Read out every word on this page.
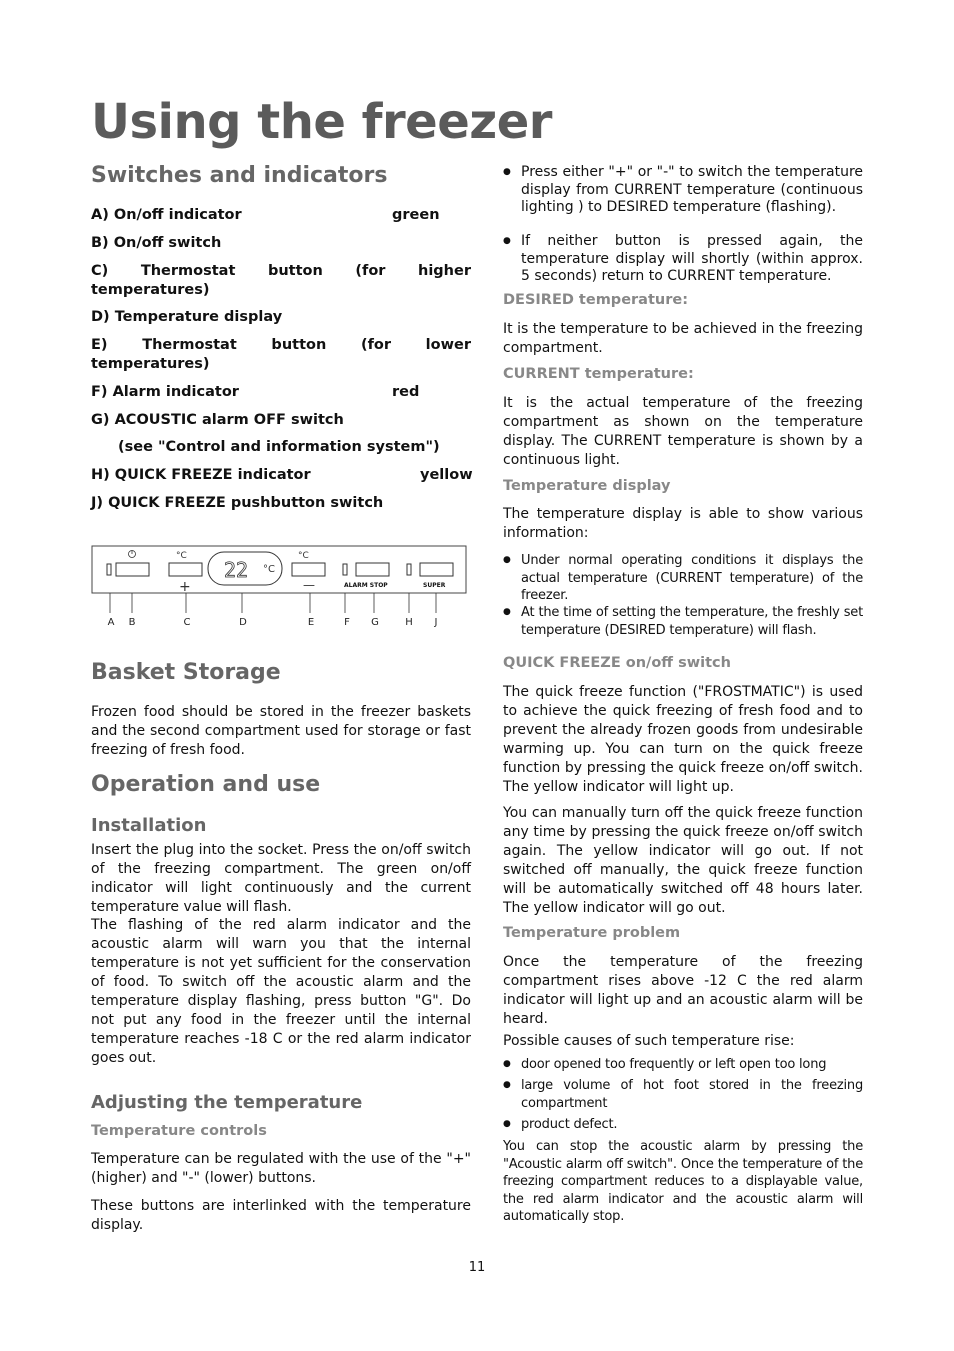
Using the freezer
Switches and indicators
A) On/off indicator	green
B) On/off switch
C) Thermostat button (for higher temperatures)
D) Temperature display
E) Thermostat button (for lower temperatures)
F) Alarm indicator	red
G) ACOUSTIC alarm OFF switch
(see "Control and information system")
H) QUICK FREEZE indicator	yellow
J) QUICK FREEZE pushbutton switch
Basket Storage

Frozen food should be stored in the freezer baskets and the second compartment used for storage or fast freezing of fresh food.

Operation and use
Installation

Insert the plug into the socket. Press the on/off switch of the freezing compartment. The green on/off indicator will light continuously and the current temperature value will flash.

The flashing of the red alarm indicator and the acoustic alarm will warn you that the internal temperature is not yet sufficient for the conservation of food. To switch off the acoustic alarm and the temperature display flashing, press button "G". Do not put any food in the freezer until the internal temperature reaches -18 C or the red alarm indicator goes out.

Adjusting the temperature
Temperature controls

Temperature can be regulated with the use of the "+" (higher) and "-" (lower) buttons.

These buttons are interlinked with the temperature display.

°C
+
22 °C
°C
—	ALARM STOP	SUPER
A B	C	D	E	F G	H J

● Press either "+" or "-" to switch the temperature display from CURRENT temperature (continuous lighting ) to DESIRED temperature (flashing).

● If neither button is pressed again, the temperature display will shortly (within approx. 5 seconds) return to CURRENT temperature.

DESIRED temperature:

It is the temperature to be achieved in the freezing compartment.

CURRENT temperature:

It is the actual temperature of the freezing compartment as shown on the temperature display. The CURRENT temperature is shown by a continuous light.

Temperature display

The temperature display is able to show various information:

● Under normal operating conditions it displays the actual temperature (CURRENT temperature) of the freezer.

● At the time of setting the temperature, the freshly set temperature (DESIRED temperature) will flash.

QUICK FREEZE on/off switch

The quick freeze function ("FROSTMATIC") is used to achieve the quick freezing of fresh food and to prevent the already frozen goods from undesirable warming up. You can turn on the quick freeze function by pressing the quick freeze on/off switch. The yellow indicator will light up.

You can manually turn off the quick freeze function any time by pressing the quick freeze on/off switch again. The yellow indicator will go out. If not switched off manually, the quick freeze function will be automatically switched off 48 hours later. The yellow indicator will go out.

Temperature problem

Once the temperature of the freezing compartment rises above -12 C the red alarm indicator will light up and an acoustic alarm will be heard.

Possible causes of such temperature rise:

● door opened too frequently or left open too long

● large volume of hot foot stored in the freezing compartment

● product defect.

You can stop the acoustic alarm by pressing the "Acoustic alarm off switch". Once the temperature of the freezing compartment reduces to a displayable value, the red alarm indicator and the acoustic alarm will automatically stop.

11
